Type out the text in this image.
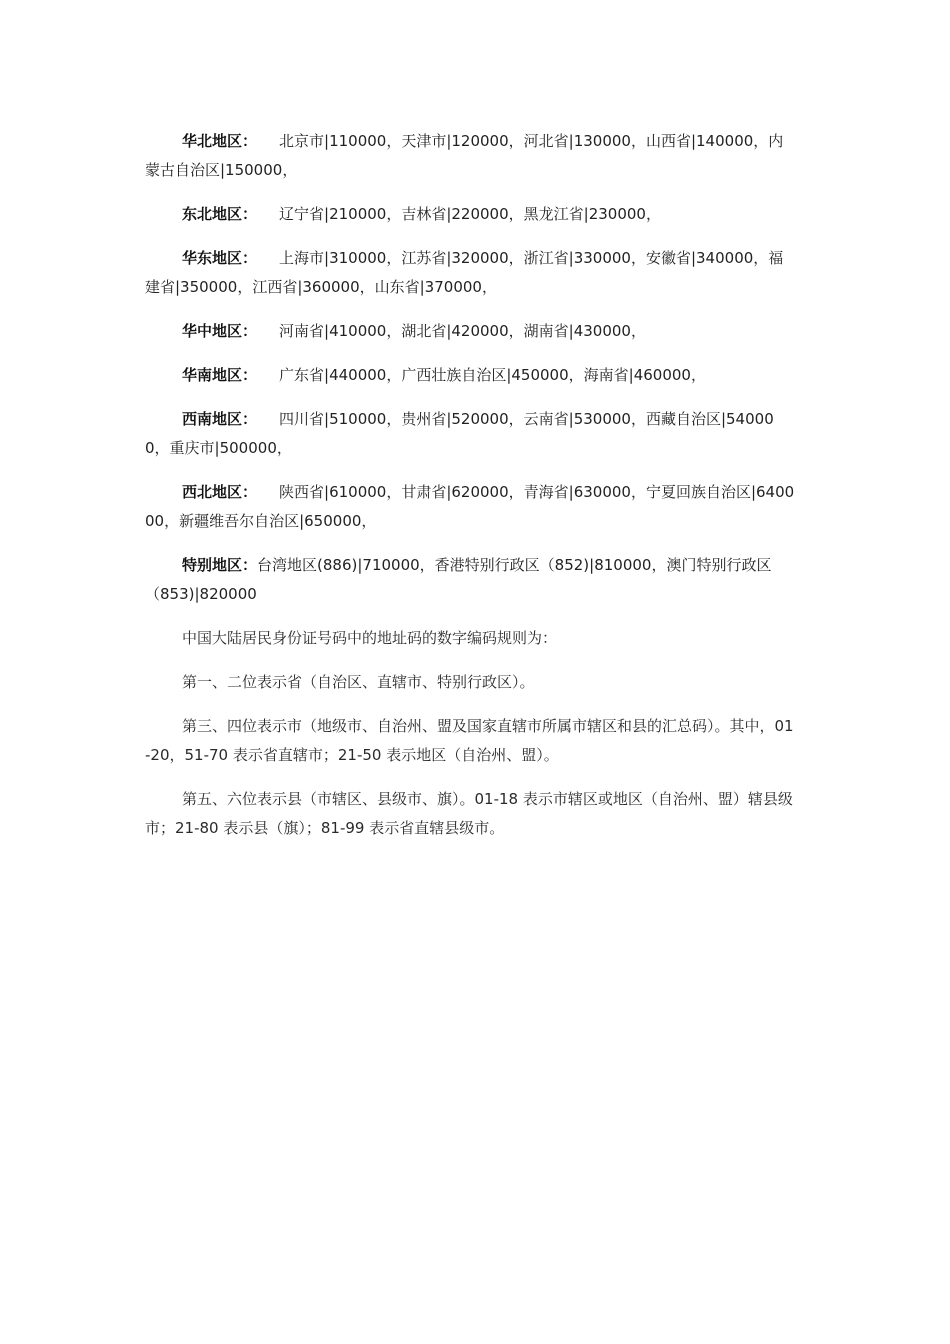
华北地区： 北京市|110000，天津市|120000，河北省|130000，山西省|140000，内蒙古自治区|150000，

东北地区： 辽宁省|210000，吉林省|220000，黑龙江省|230000，

华东地区： 上海市|310000，江苏省|320000，浙江省|330000，安徽省|340000，福建省|350000，江西省|360000，山东省|370000，

华中地区： 河南省|410000，湖北省|420000，湖南省|430000，

华南地区： 广东省|440000，广西壮族自治区|450000，海南省|460000，

西南地区： 四川省|510000，贵州省|520000，云南省|530000，西藏自治区|540000，重庆市|500000，

西北地区： 陕西省|610000，甘肃省|620000，青海省|630000，宁夏回族自治区|640000，新疆维吾尔自治区|650000，

特别地区：台湾地区(886)|710000，香港特别行政区（852)|810000，澳门特别行政区（853)|820000

中国大陆居民身份证号码中的地址码的数字编码规则为：

第一、二位表示省（自治区、直辖市、特别行政区）。

第三、四位表示市（地级市、自治州、盟及国家直辖市所属市辖区和县的汇总码）。其中，01-20，51-70 表示省直辖市；21-50 表示地区（自治州、盟）。

第五、六位表示县（市辖区、县级市、旗）。01-18 表示市辖区或地区（自治州、盟）辖县级市；21-80 表示县（旗）；81-99 表示省直辖县级市。
